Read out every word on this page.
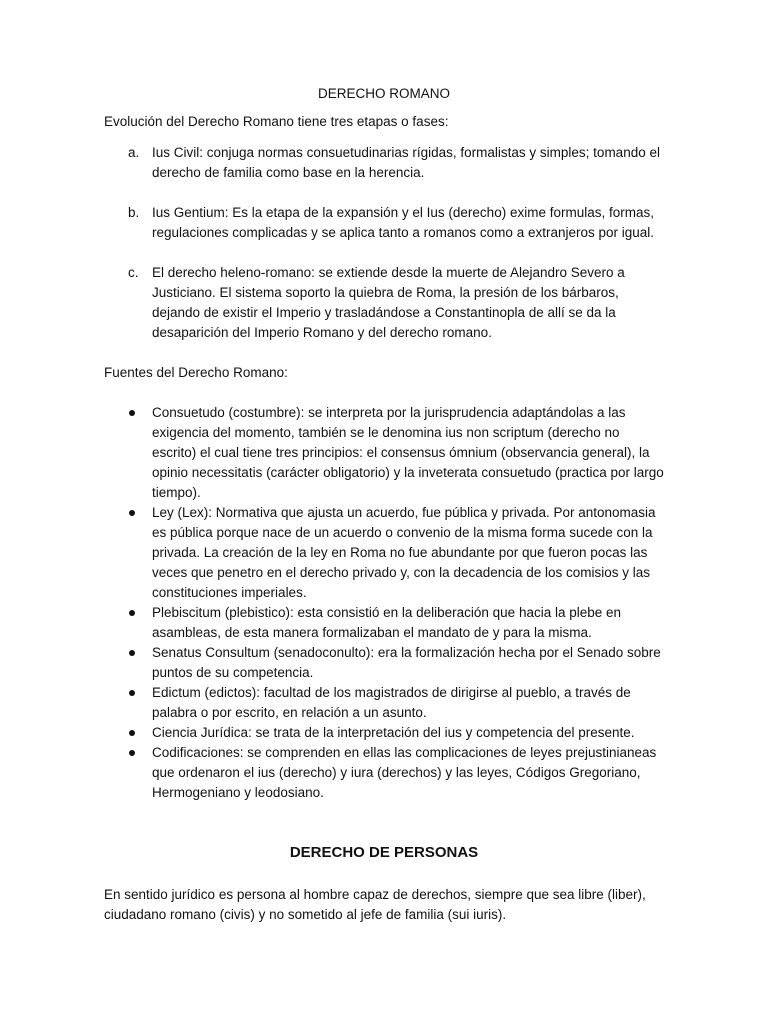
DERECHO ROMANO

Evolución del Derecho Romano tiene tres etapas o fases:

a. Ius Civil: conjuga normas consuetudinarias rígidas, formalistas y simples; tomando el derecho de familia como base en la herencia.
b. Ius Gentium: Es la etapa de la expansión y el Ius (derecho) exime formulas, formas, regulaciones complicadas y se aplica tanto a romanos como a extranjeros por igual.
c. El derecho heleno-romano: se extiende desde la muerte de Alejandro Severo a Justiciano. El sistema soporto la quiebra de Roma, la presión de los bárbaros, dejando de existir el Imperio y trasladándose a Constantinopla de allí se da la desaparición del Imperio Romano y del derecho romano.

Fuentes del Derecho Romano:

Consuetudo (costumbre): se interpreta por la jurisprudencia adaptándolas a las exigencia del momento, también se le denomina ius non scriptum (derecho no escrito) el cual tiene tres principios: el consensus ómnium (observancia general), la opinio necessitatis (carácter obligatorio) y la inveterata consuetudo (practica por largo tiempo).
Ley (Lex): Normativa que ajusta un acuerdo, fue pública y privada. Por antonomasia es pública porque nace de un acuerdo o convenio de la misma forma sucede con la privada. La creación de la ley en Roma no fue abundante por que fueron pocas las veces que penetro en el derecho privado y, con la decadencia de los comisios y las constituciones imperiales.
Plebiscitum (plebistico): esta consistió en la deliberación que hacia la plebe en asambleas, de esta manera formalizaban el mandato de y para la misma.
Senatus Consultum (senadoconulto): era la formalización hecha por el Senado sobre puntos de su competencia.
Edictum (edictos): facultad de los magistrados de dirigirse al pueblo, a través de palabra o por escrito, en relación a un asunto.
Ciencia Jurídica: se trata de la interpretación del ius y competencia del presente.
Codificaciones: se comprenden en ellas las complicaciones de leyes prejustinianeas que ordenaron el ius (derecho) y iura (derechos) y las leyes, Códigos Gregoriano, Hermogeniano y leodosiano.

DERECHO DE PERSONAS

En sentido jurídico es persona al hombre capaz de derechos, siempre que sea libre (liber), ciudadano romano (civis) y no sometido al jefe de familia (sui iuris).
